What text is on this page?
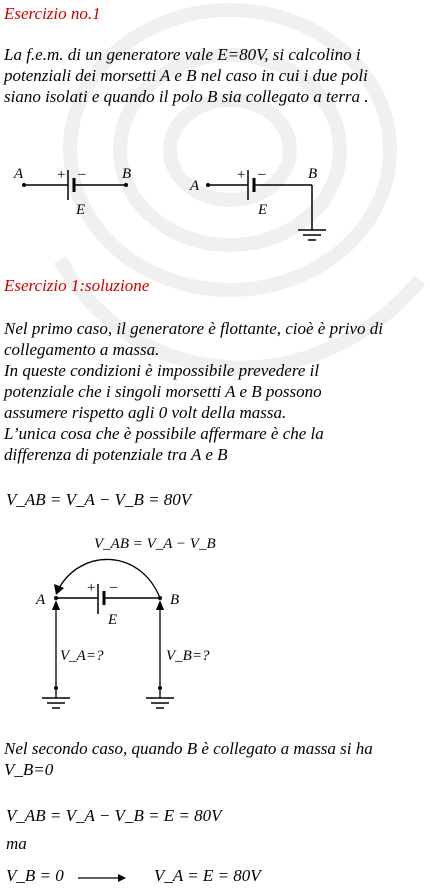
Esercizio no.1
La f.e.m. di un generatore vale E=80V, si calcolino i
potenziali dei morsetti A e B nel caso in cui i due poli
siano isolati e quando il polo B sia collegato a terra .
A	B
+ –
E
A
B
+ –
E
Esercizio 1:soluzione
Nel primo caso, il generatore è flottante, cioè è privo di
collegamento a massa.
In queste condizioni è impossibile prevedere il
potenziale che i singoli morsetti A e B possono
assumere rispetto agli 0 volt della massa.
L’unica cosa che è possibile affermare è che la
differenza di potenziale tra A e B
V_AB = V_A − V_B = 80V
V_AB = V_A − V_B
A	B
+ –
E
V_A=?	V_B=?
Nel secondo caso, quando B è collegato a massa si ha
V_B=0
V_AB = V_A − V_B = E = 80V
ma
V_B = 0	V_A = E = 80V
